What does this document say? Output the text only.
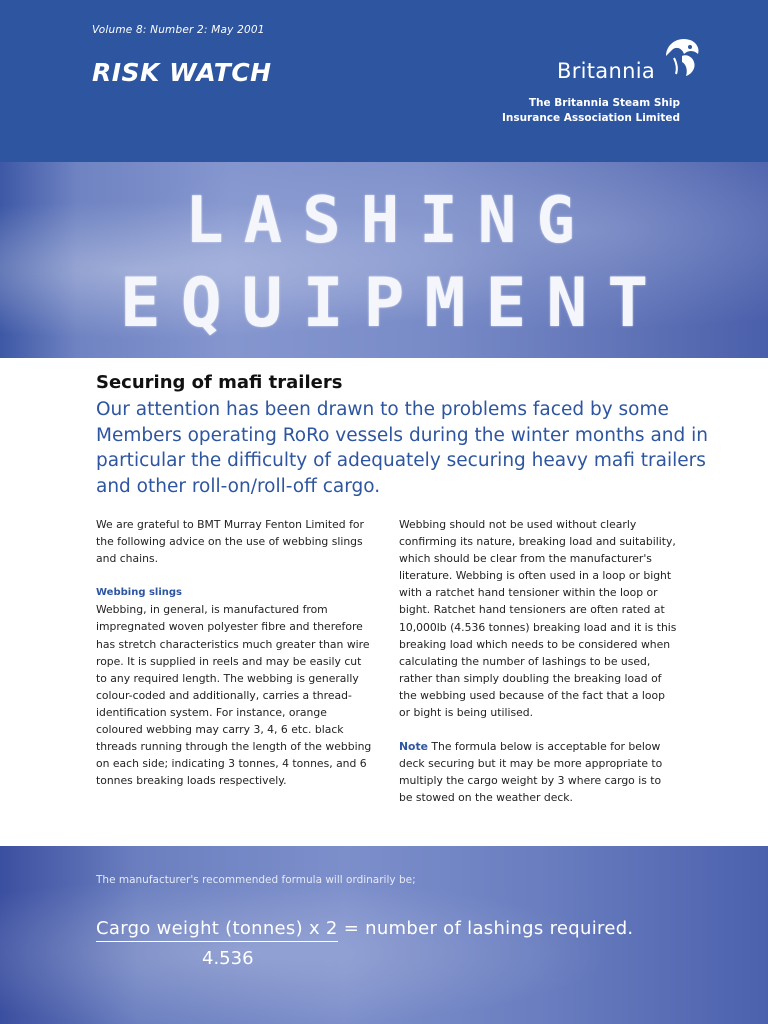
Volume 8: Number 2: May 2001
RISK WATCH	Britannia
The Britannia Steam Ship
Insurance Association Limited
LASHING
EQUIPMENT
Securing of mafi trailers
Our attention has been drawn to the problems faced by some Members operating RoRo vessels during the winter months and in particular the difficulty of adequately securing heavy mafi trailers and other roll-on/roll-off cargo.

We are grateful to BMT Murray Fenton Limited for the following advice on the use of webbing slings and chains.

Webbing slings

Webbing, in general, is manufactured from impregnated woven polyester fibre and therefore has stretch characteristics much greater than wire rope. It is supplied in reels and may be easily cut to any required length. The webbing is generally colour-coded and additionally, carries a thread-identification system. For instance, orange coloured webbing may carry 3, 4, 6 etc. black threads running through the length of the webbing on each side; indicating 3 tonnes, 4 tonnes, and 6 tonnes breaking loads respectively.

Webbing should not be used without clearly confirming its nature, breaking load and suitability, which should be clear from the manufacturer's literature. Webbing is often used in a loop or bight with a ratchet hand tensioner within the loop or bight. Ratchet hand tensioners are often rated at 10,000lb (4.536 tonnes) breaking load and it is this breaking load which needs to be considered when calculating the number of lashings to be used, rather than simply doubling the breaking load of the webbing used because of the fact that a loop or bight is being utilised.

Note The formula below is acceptable for below deck securing but it may be more appropriate to multiply the cargo weight by 3 where cargo is to be stowed on the weather deck.

The manufacturer's recommended formula will ordinarily be;
Cargo weight (tonnes) x 2 = number of lashings required.
4.536
